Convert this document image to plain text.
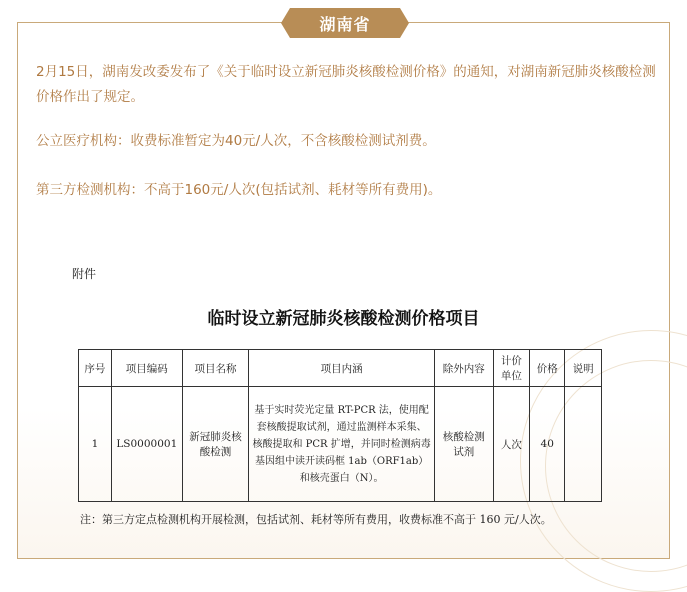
湖南省
2月15日，湖南发改委发布了《关于临时设立新冠肺炎核酸检测价格》的通知，对湖南新冠肺炎核酸检测价格作出了规定。
公立医疗机构：收费标准暂定为40元/人次，不含核酸检测试剂费。
第三方检测机构：不高于160元/人次(包括试剂、耗材等所有费用)。
附件
临时设立新冠肺炎核酸检测价格项目
序号	项目编码	项目名称	项目内涵	除外内容	计价单位	价格	说明
1	LS0000001	新冠肺炎核酸检测	基于实时荧光定量 RT-PCR 法，使用配套核酸提取试剂，通过监测样本采集、核酸提取和 PCR 扩增，并同时检测病毒基因组中读开读码框 1ab（ORF1ab）和核壳蛋白（N）。	核酸检测试剂	人次	40	
注：第三方定点检测机构开展检测，包括试剂、耗材等所有费用，收费标准不高于 160 元/人次。
